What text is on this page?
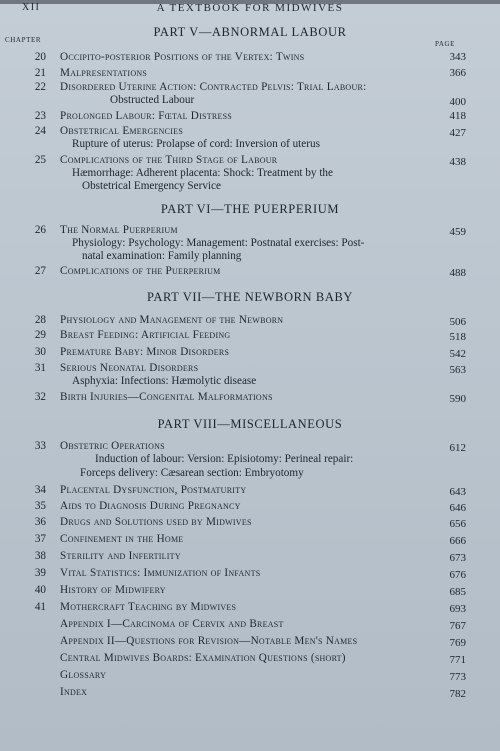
XII	A TEXTBOOK FOR MIDWIVES
CHAPTER	PAGE
PART V—ABNORMAL LABOUR
PART VI—THE PUERPERIUM
PART VII—THE NEWBORN BABY
PART VIII—MISCELLANEOUS
20 Occipito-posterior Positions of the Vertex: Twins	343
21 Malpresentations	366
22 Disordered Uterine Action: Contracted Pelvis: Trial Labour:
Obstructed Labour	400
23 Prolonged Labour: Fœtal Distress	418
24 Obstetrical Emergencies
Rupture of uterus: Prolapse of cord: Inversion of uterus
427
25 Complications of the Third Stage of Labour
Hæmorrhage: Adherent placenta: Shock: Treatment by the
Obstetrical Emergency Service
438
26 The Normal Puerperium
Physiology: Psychology: Management: Postnatal exercises: Post-
natal examination: Family planning
459
27 Complications of the Puerperium	488
28 Physiology and Management of the Newborn	506
29 Breast Feeding: Artificial Feeding	518
30 Premature Baby: Minor Disorders	542
31 Serious Neonatal Disorders
Asphyxia: Infections: Hæmolytic disease
563
32 Birth Injuries—Congenital Malformations	590
33 Obstetric Operations
Induction of labour: Version: Episiotomy: Perineal repair:
Forceps delivery: Cæsarean section: Embryotomy
612
34 Placental Dysfunction, Postmaturity	643
35 Aids to Diagnosis During Pregnancy	646
36 Drugs and Solutions used by Midwives	656
37 Confinement in the Home	666
38 Sterility and Infertility	673
39 Vital Statistics: Immunization of Infants	676
40 History of Midwifery	685
41 Mothercraft Teaching by Midwives	693
Appendix I—Carcinoma of Cervix and Breast	767
Appendix II—Questions for Revision—Notable Men's Names	769
Central Midwives Boards: Examination Questions (short)	771
Glossary	773
Index	782
